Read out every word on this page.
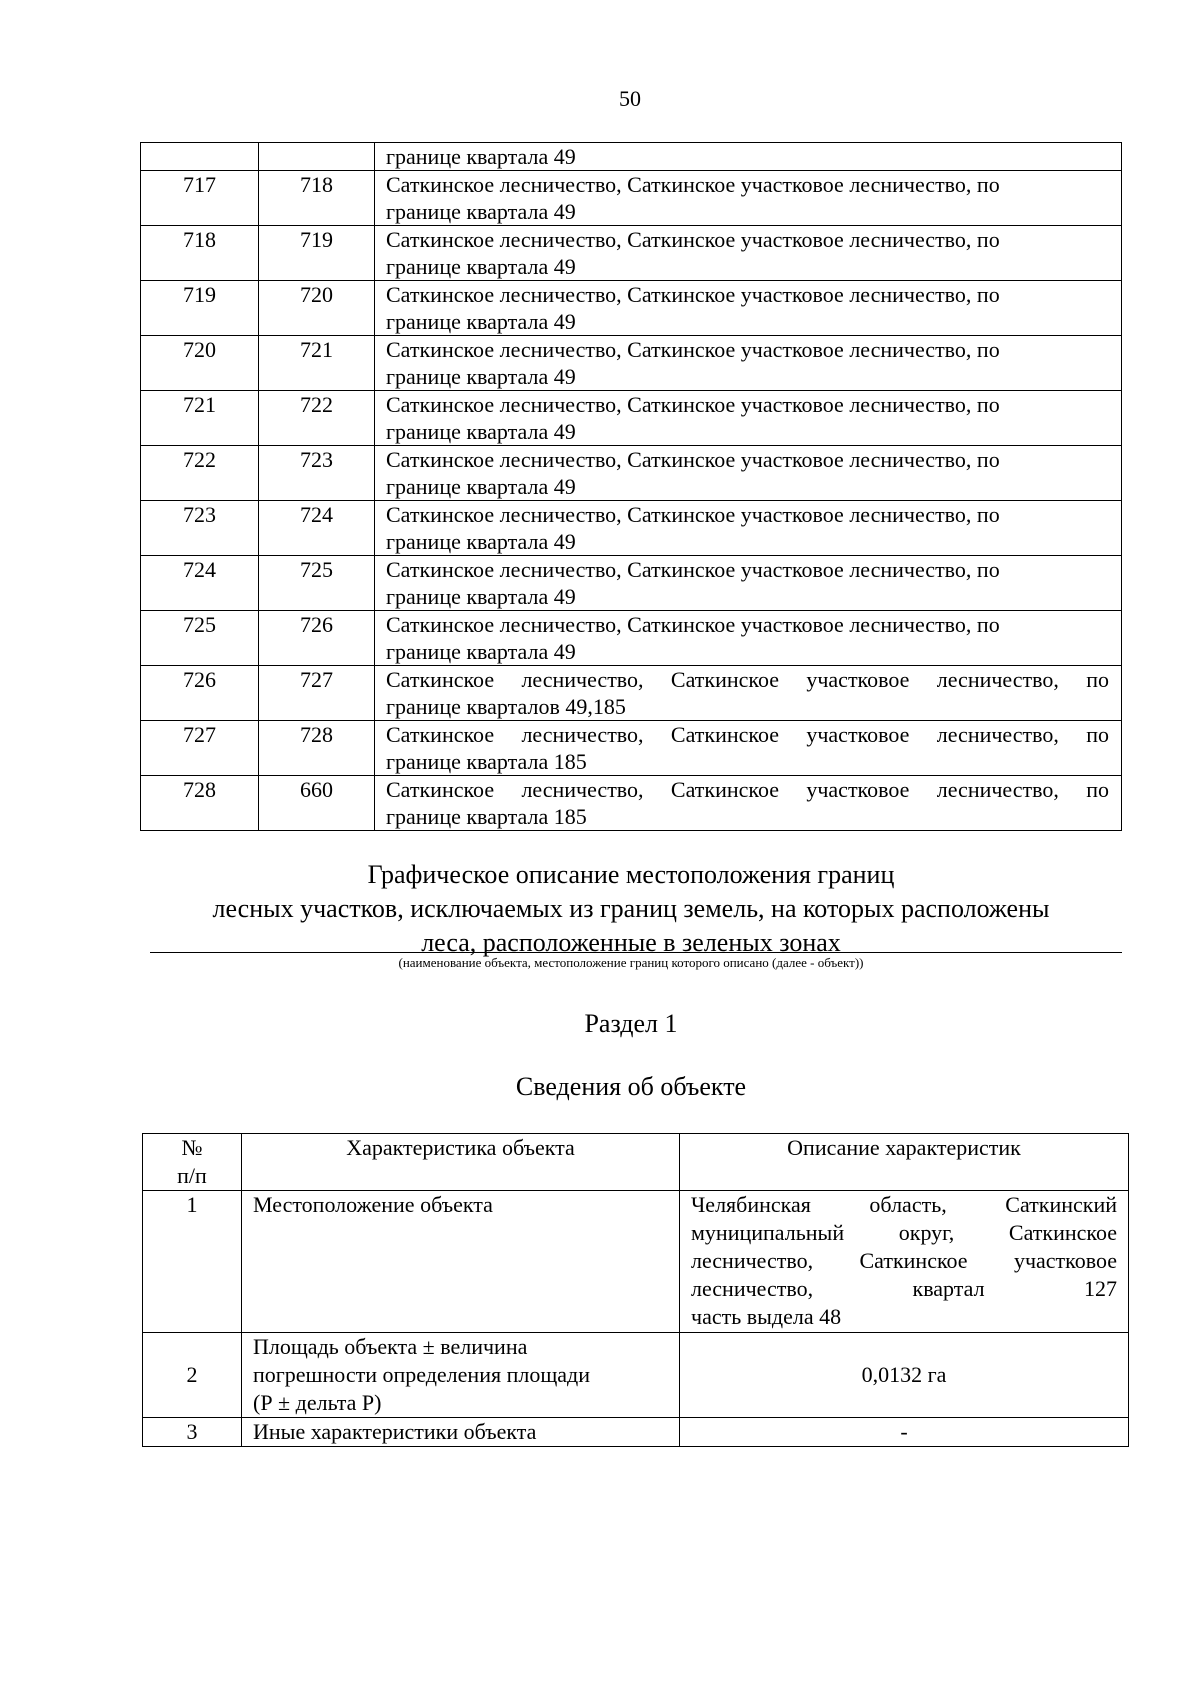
50
		границе квартала 49
717	718	Саткинское лесничество, Саткинское участковое лесничество, по
границе квартала 49

718	719	Саткинское лесничество, Саткинское участковое лесничество, по
границе квартала 49

719	720	Саткинское лесничество, Саткинское участковое лесничество, по
границе квартала 49

720	721	Саткинское лесничество, Саткинское участковое лесничество, по
границе квартала 49

721	722	Саткинское лесничество, Саткинское участковое лесничество, по
границе квартала 49

722	723	Саткинское лесничество, Саткинское участковое лесничество, по
границе квартала 49

723	724	Саткинское лесничество, Саткинское участковое лесничество, по
границе квартала 49

724	725	Саткинское лесничество, Саткинское участковое лесничество, по
границе квартала 49

725	726	Саткинское лесничество, Саткинское участковое лесничество, по
границе квартала 49

726	727	Саткинское лесничество, Саткинское участковое лесничество, по
границе кварталов 49,185

727	728	Саткинское лесничество, Саткинское участковое лесничество, по
границе квартала 185

728	660	Саткинское лесничество, Саткинское участковое лесничество, по
границе квартала 185
Графическое описание местоположения границ
лесных участков, исключаемых из границ земель, на которых расположены
леса, расположенные в зеленых зонах
(наименование объекта, местоположение границ которого описано (далее - объект))
Раздел 1
Сведения об объекте
№
п/п	Характеристика объекта	Описание характеристик
1	Местоположение объекта	Челябинская область, Саткинский
муниципальный округ, Саткинское
лесничество, Саткинское участковое
лесничество, квартал 127
часть выдела 48

2	Площадь объекта ± величина
погрешности определения площади
(Р ± дельта Р)	0,0132 га
3	Иные характеристики объекта	-
